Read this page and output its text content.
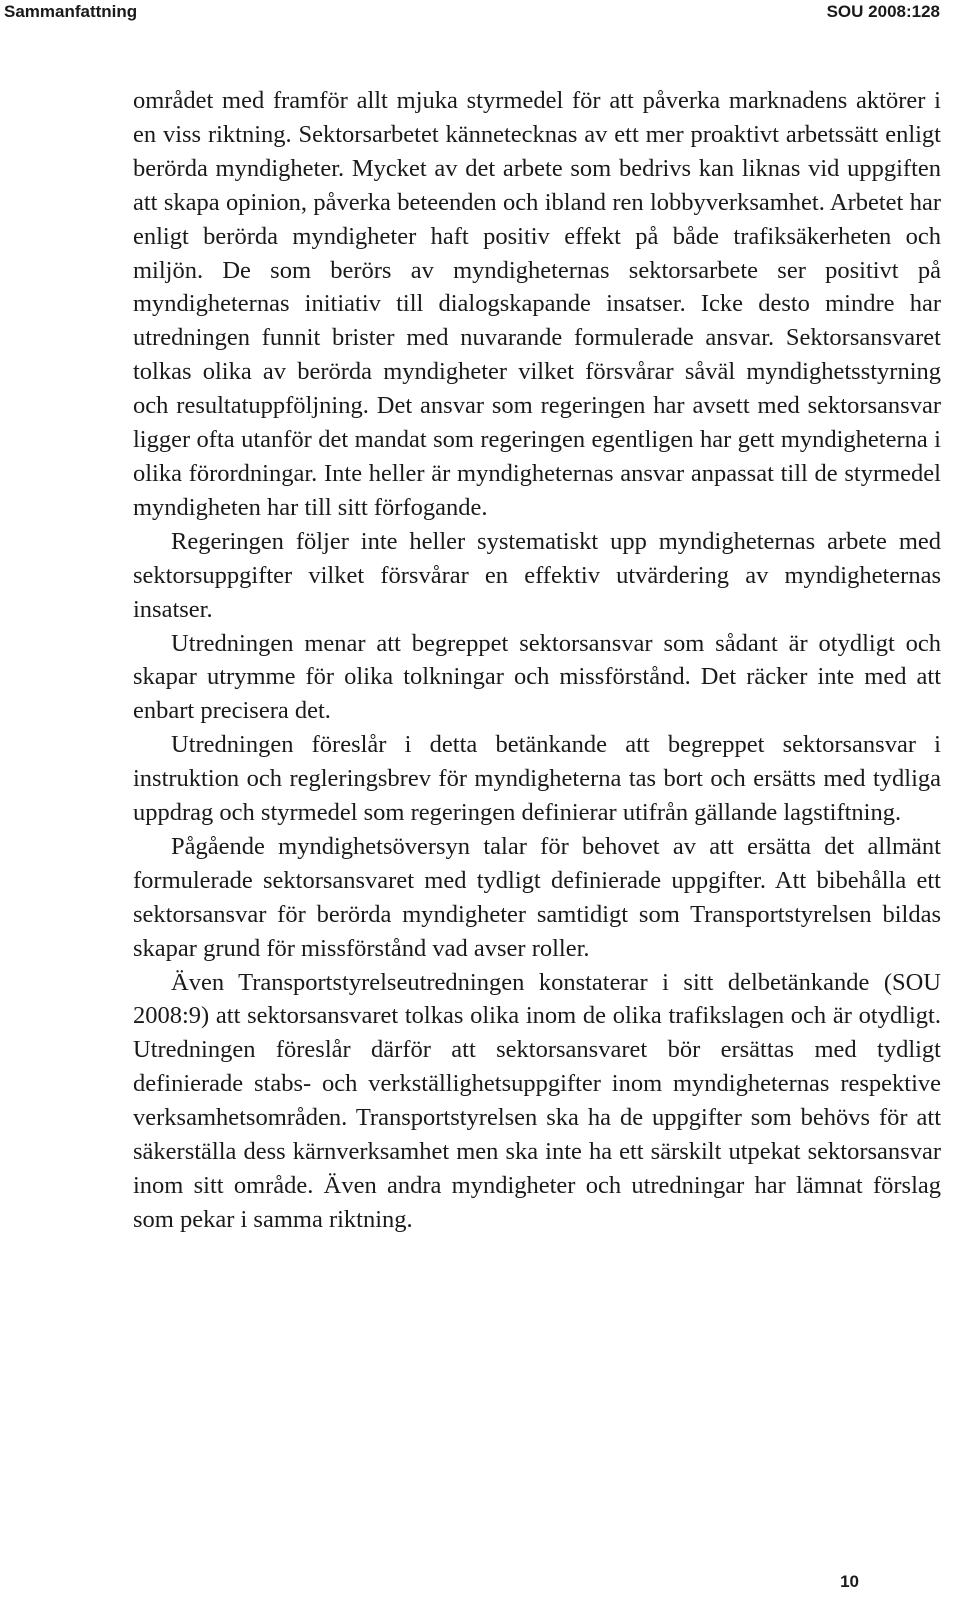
Sammanfattning	SOU 2008:128

området med framför allt mjuka styrmedel för att påverka marknadens aktörer i en viss riktning. Sektorsarbetet kännetecknas av ett mer proaktivt arbetssätt enligt berörda myndigheter. Mycket av det arbete som bedrivs kan liknas vid uppgiften att skapa opinion, påverka beteenden och ibland ren lobbyverksamhet. Arbetet har enligt berörda myndigheter haft positiv effekt på både trafiksäkerheten och miljön. De som berörs av myndigheternas sektorsarbete ser positivt på myndigheternas initiativ till dialogskapande insatser. Icke desto mindre har utredningen funnit brister med nuvarande formulerade ansvar. Sektorsansvaret tolkas olika av berörda myndigheter vilket försvårar såväl myndighetsstyrning och resultatuppföljning. Det ansvar som regeringen har avsett med sektorsansvar ligger ofta utanför det mandat som regeringen egentligen har gett myndigheterna i olika förordningar. Inte heller är myndigheternas ansvar anpassat till de styrmedel myndigheten har till sitt förfogande.

Regeringen följer inte heller systematiskt upp myndigheternas arbete med sektorsuppgifter vilket försvårar en effektiv utvärdering av myndigheternas insatser.

Utredningen menar att begreppet sektorsansvar som sådant är otydligt och skapar utrymme för olika tolkningar och missförstånd. Det räcker inte med att enbart precisera det.

Utredningen föreslår i detta betänkande att begreppet sektorsansvar i instruktion och regleringsbrev för myndigheterna tas bort och ersätts med tydliga uppdrag och styrmedel som regeringen definierar utifrån gällande lagstiftning.

Pågående myndighetsöversyn talar för behovet av att ersätta det allmänt formulerade sektorsansvaret med tydligt definierade uppgifter. Att bibehålla ett sektorsansvar för berörda myndigheter samtidigt som Transportstyrelsen bildas skapar grund för missförstånd vad avser roller.

Även Transportstyrelseutredningen konstaterar i sitt delbetänkande (SOU 2008:9) att sektorsansvaret tolkas olika inom de olika trafikslagen och är otydligt. Utredningen föreslår därför att sektorsansvaret bör ersättas med tydligt definierade stabs- och verkställighetsuppgifter inom myndigheternas respektive verksamhetsområden. Transportstyrelsen ska ha de uppgifter som behövs för att säkerställa dess kärnverksamhet men ska inte ha ett särskilt utpekat sektorsansvar inom sitt område. Även andra myndigheter och utredningar har lämnat förslag som pekar i samma riktning.

10
